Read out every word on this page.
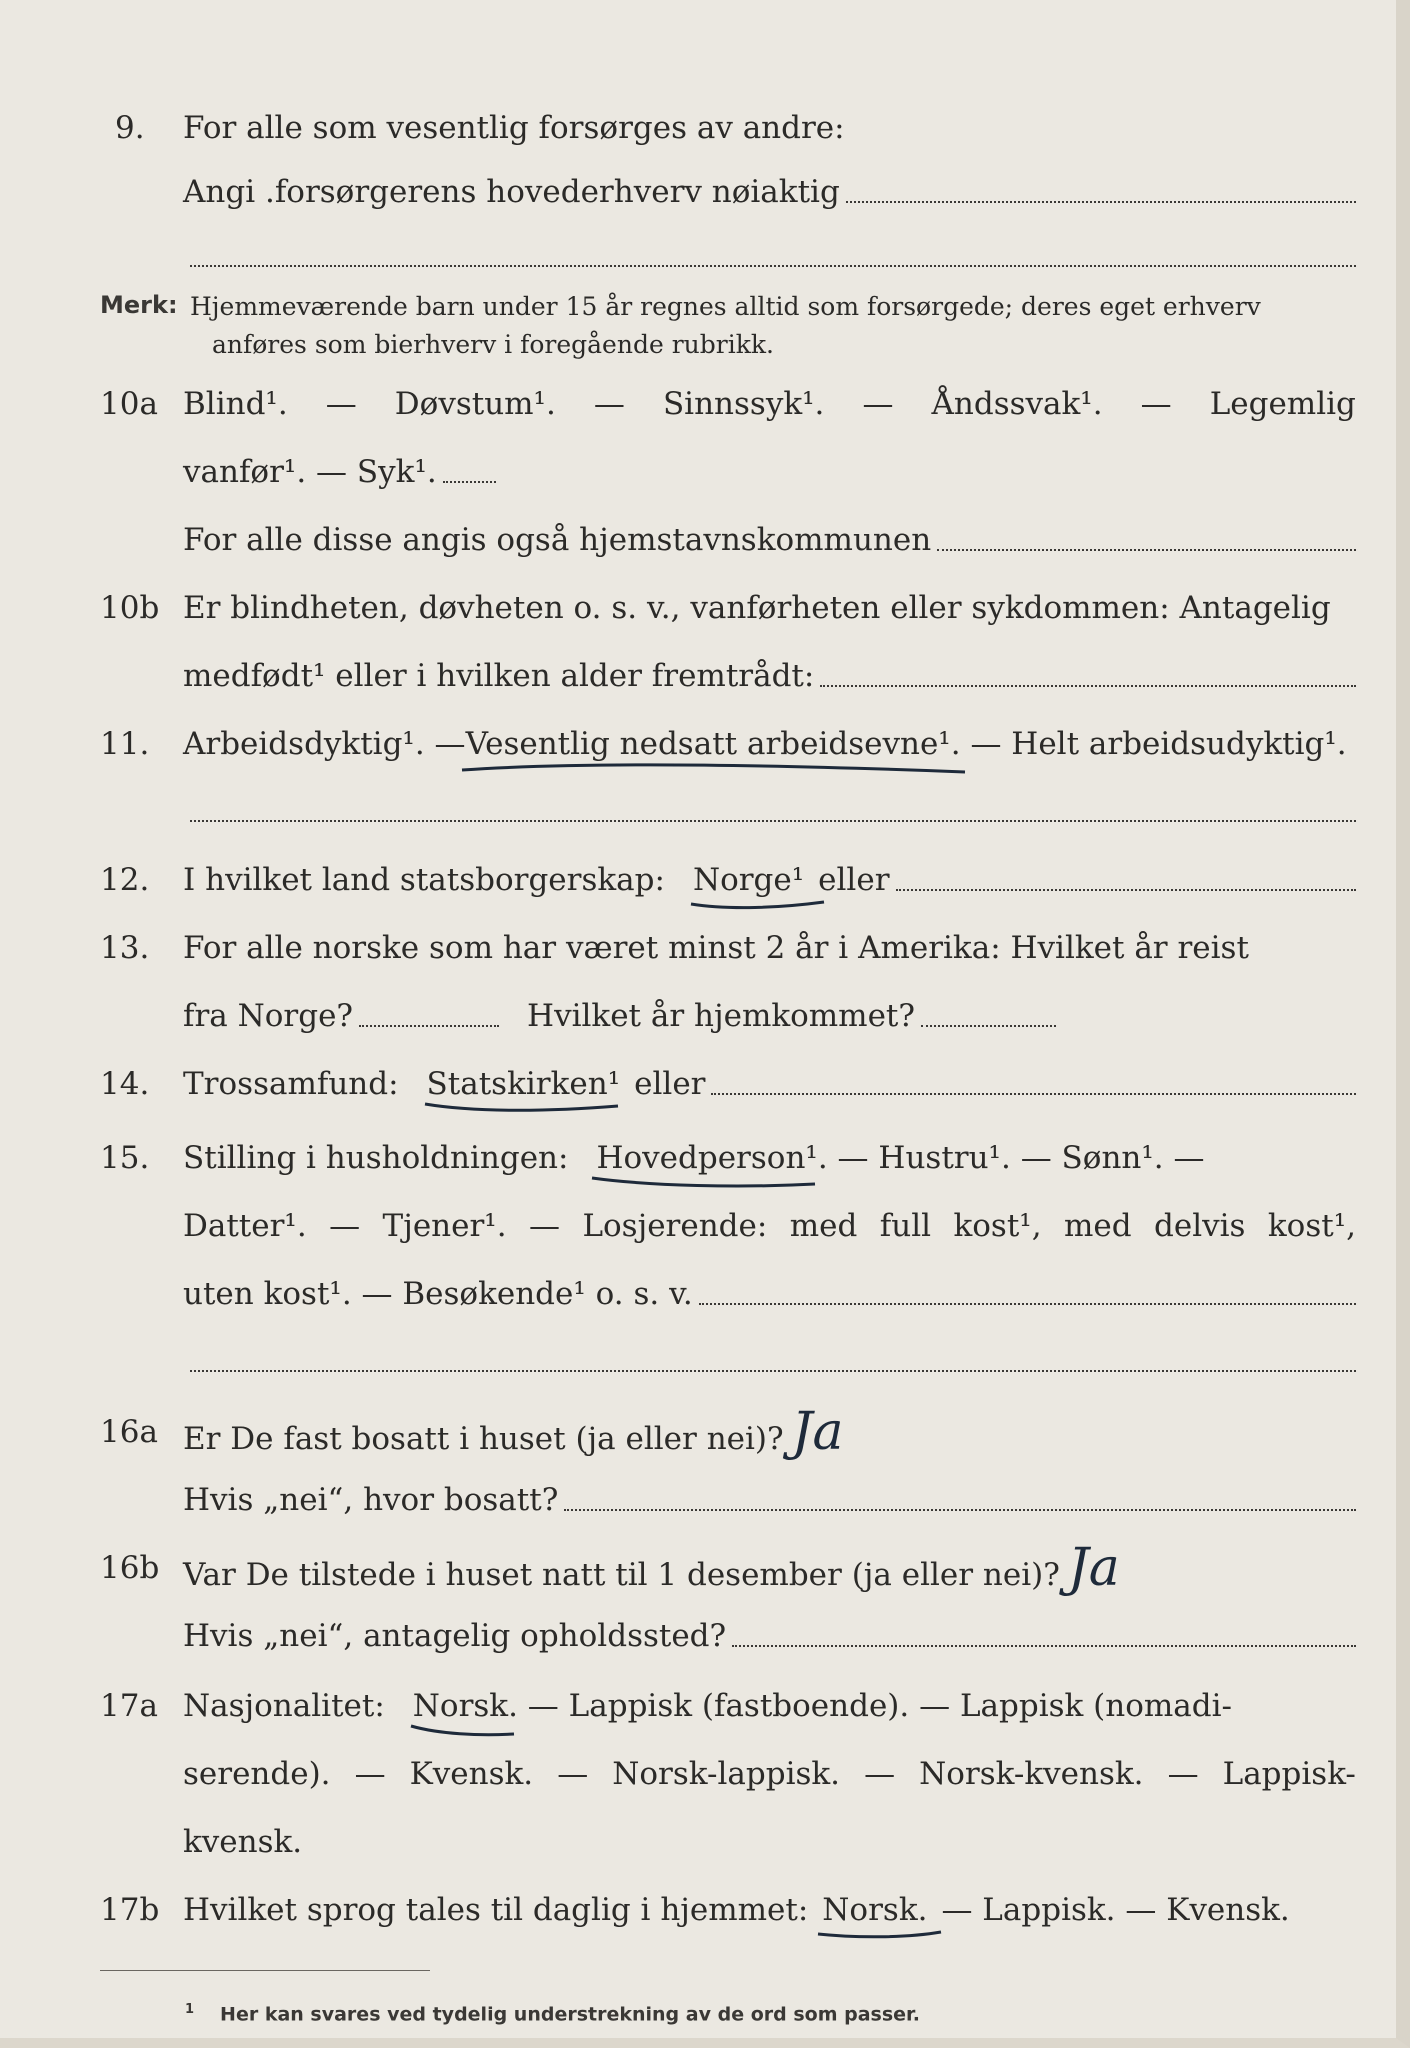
9.	For alle som vesentlig forsørges av andre:
Angi .forsørgerens hovederhverv nøiaktig
Merk: Hjemmeværende barn under 15 år regnes alltid som forsørgede; deres eget erhverv
anføres som bierhverv i foregående rubrikk.
10a Blind¹. — Døvstum¹. — Sinnssyk¹. — Åndssvak¹. — Legemlig
vanfør¹. — Syk¹.
For alle disse angis også hjemstavnskommunen
10b Er blindheten, døvheten o. s. v., vanførheten eller sykdommen: Antagelig
medfødt¹ eller i hvilken alder fremtrådt:
11.	Arbeidsdyktig¹. — Vesentlig nedsatt arbeidsevne¹ . — Helt arbeidsudyktig¹.
12.	I hvilket land statsborgerskap: Norge¹ eller
13.	For alle norske som har været minst 2 år i Amerika: Hvilket år reist
fra Norge?	Hvilket år hjemkommet?
14.	Trossamfund: Statskirken¹ eller
15.	Stilling i husholdningen: Hovedperson¹ . — Hustru¹. — Sønn¹. —
Datter¹. — Tjener¹. — Losjerende: med full kost¹, med delvis kost¹,
uten kost¹. — Besøkende¹ o. s. v.
16a Er De fast bosatt i huset (ja eller nei)? Ja
Hvis „nei“, hvor bosatt?
16b Var De tilstede i huset natt til 1 desember (ja eller nei)? Ja
Hvis „nei“, antagelig opholdssted?
17a Nasjonalitet: Norsk . — Lappisk (fastboende). — Lappisk (nomadi-
serende). — Kvensk. — Norsk-lappisk. — Norsk-kvensk. — Lappisk-
kvensk.
17b Hvilket sprog tales til daglig i hjemmet: Norsk. — Lappisk. — Kvensk.
$^1$ Her kan svares ved tydelig understrekning av de ord som passer.
